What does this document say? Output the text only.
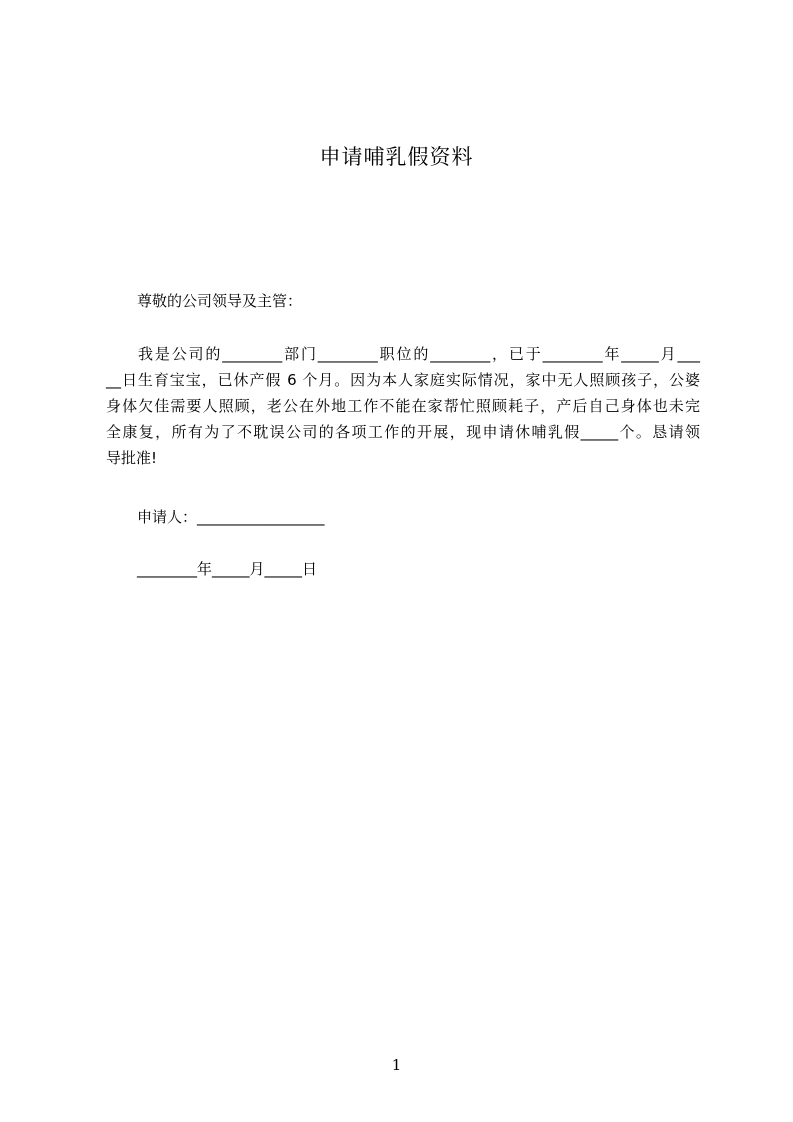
申请哺乳假资料
尊敬的公司领导及主管：
我是公司的________部门________职位的________，已于________年_____月___
__日生育宝宝，已休产假 6 个月。因为本人家庭实际情况，家中无人照顾孩子，公婆
身体欠佳需要人照顾，老公在外地工作不能在家帮忙照顾耗子，产后自己身体也未完
全康复，所有为了不耽误公司的各项工作的开展，现申请休哺乳假_____个。恳请领
导批准!
申请人：_________________
________年_____月_____日
1
